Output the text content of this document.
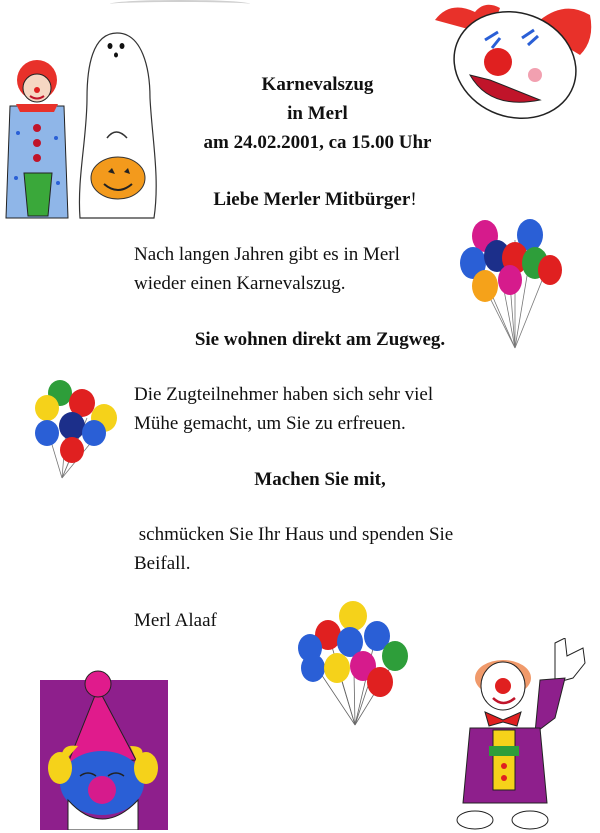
Karnevalszug
in Merl
am 24.02.2001, ca 15.00 Uhr
Liebe Merler Mitbürger!
Nach langen Jahren gibt es in Merl
wieder einen Karnevalszug.
Sie wohnen direkt am Zugweg.
Die Zugteilnehmer haben sich sehr viel
Mühe gemacht, um Sie zu erfreuen.
Machen Sie mit,
schmücken Sie Ihr Haus und spenden Sie
Beifall.
Merl Alaaf
